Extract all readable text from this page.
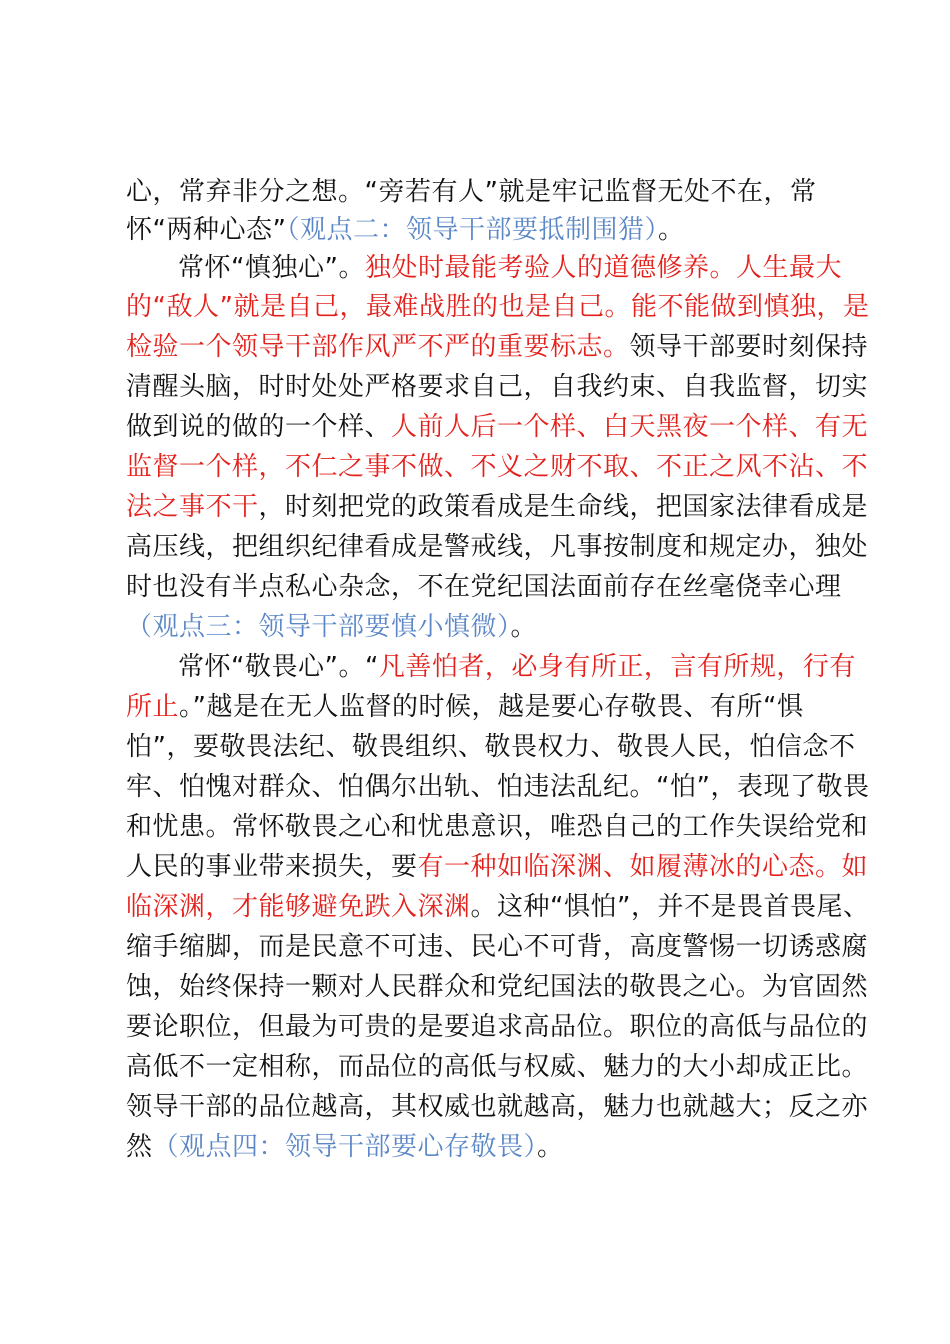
心，常弃非分之想。“旁若有人”就是牢记监督无处不在，常
怀“两种心态”（观点二：领导干部要抵制围猎）。
常怀“慎独心”。独处时最能考验人的道德修养。人生最大
的“敌人”就是自己，最难战胜的也是自己。能不能做到慎独，是
检验一个领导干部作风严不严的重要标志。领导干部要时刻保持
清醒头脑，时时处处严格要求自己，自我约束、自我监督，切实
做到说的做的一个样、人前人后一个样、白天黑夜一个样、有无
监督一个样，不仁之事不做、不义之财不取、不正之风不沾、不
法之事不干，时刻把党的政策看成是生命线，把国家法律看成是
高压线，把组织纪律看成是警戒线，凡事按制度和规定办，独处
时也没有半点私心杂念，不在党纪国法面前存在丝毫侥幸心理
（观点三：领导干部要慎小慎微）。
常怀“敬畏心”。“凡善怕者，必身有所正，言有所规，行有
所止。”越是在无人监督的时候，越是要心存敬畏、有所“惧
怕”，要敬畏法纪、敬畏组织、敬畏权力、敬畏人民，怕信念不
牢、怕愧对群众、怕偶尔出轨、怕违法乱纪。“怕”，表现了敬畏
和忧患。常怀敬畏之心和忧患意识，唯恐自己的工作失误给党和
人民的事业带来损失，要有一种如临深渊、如履薄冰的心态。如
临深渊，才能够避免跌入深渊。这种“惧怕”，并不是畏首畏尾、
缩手缩脚，而是民意不可违、民心不可背，高度警惕一切诱惑腐
蚀，始终保持一颗对人民群众和党纪国法的敬畏之心。为官固然
要论职位，但最为可贵的是要追求高品位。职位的高低与品位的
高低不一定相称，而品位的高低与权威、魅力的大小却成正比。
领导干部的品位越高，其权威也就越高，魅力也就越大；反之亦
然（观点四：领导干部要心存敬畏）。
